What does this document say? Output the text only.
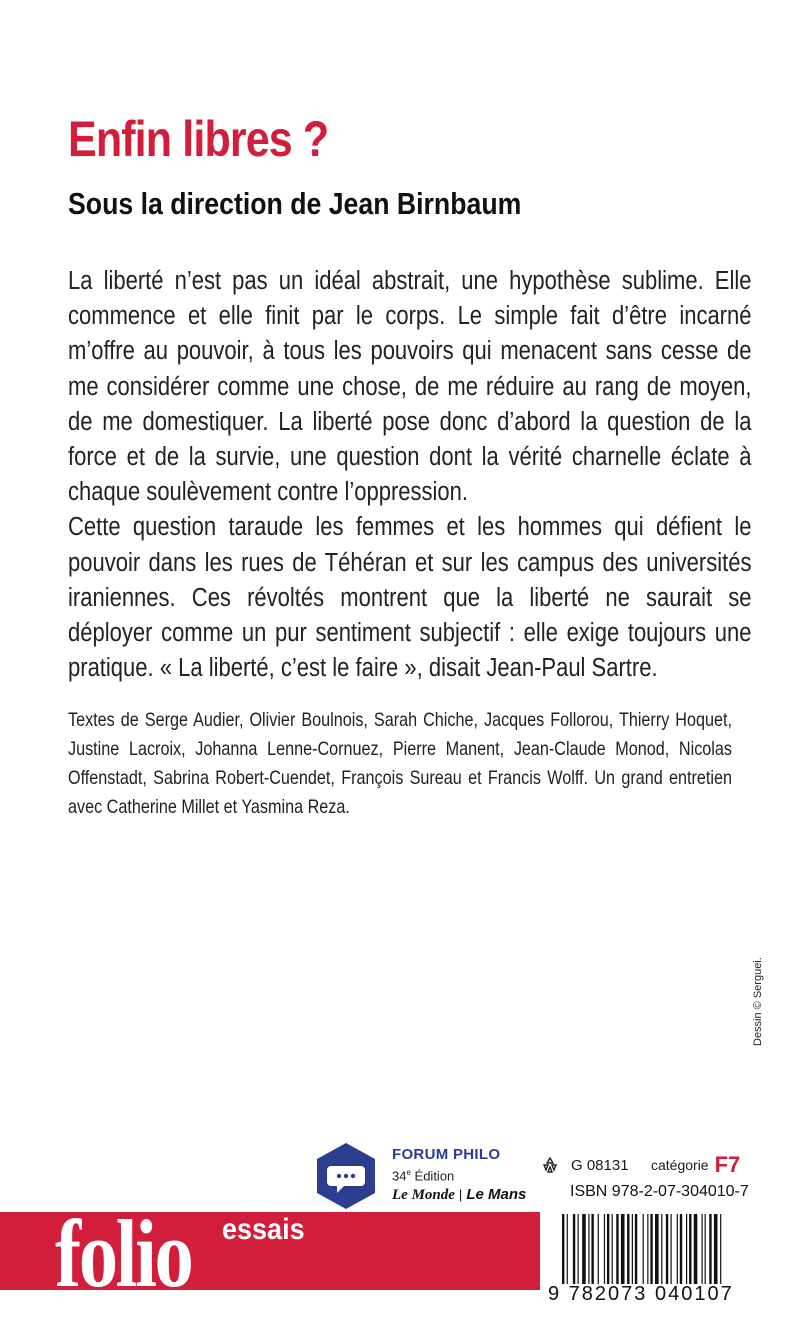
Enfin libres ?
Sous la direction de Jean Birnbaum

La liberté n’est pas un idéal abstrait, une hypothèse sublime. Elle commence et elle finit par le corps. Le simple fait d’être incarné m’offre au pouvoir, à tous les pouvoirs qui menacent sans cesse de me considérer comme une chose, de me réduire au rang de moyen, de me domestiquer. La liberté pose donc d’abord la question de la force et de la survie, une question dont la vérité charnelle éclate à chaque soulèvement contre l’oppression.

Cette question taraude les femmes et les hommes qui défient le pouvoir dans les rues de Téhéran et sur les campus des universités iraniennes. Ces révoltés montrent que la liberté ne saurait se déployer comme un pur sentiment subjectif : elle exige toujours une pratique. « La liberté, c’est le faire », disait Jean-Paul Sartre.

Textes de Serge Audier, Olivier Boulnois, Sarah Chiche, Jacques Follorou, Thierry Hoquet, Justine Lacroix, Johanna Lenne-Cornuez, Pierre Manent, Jean-Claude Monod, Nicolas Offenstadt, Sabrina Robert-Cuendet, François Sureau et Francis Wolff. Un grand entretien avec Catherine Millet et Yasmina Reza.

Dessin © Serguei.
FORUM PHILO
34e Édition
Le Monde | Le Mans
G 08131	catégorie F7
ISBN 978-2-07-304010-7
folio essais
9 782073 040107
